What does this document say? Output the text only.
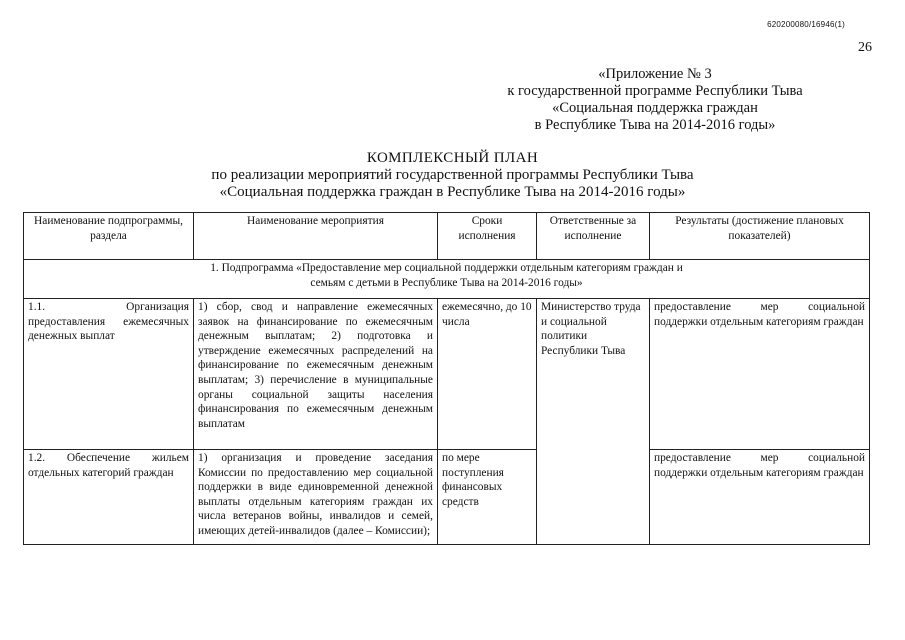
620200080/16946(1)
26
«Приложение № 3
к государственной программе Республики Тыва
«Социальная поддержка граждан
в Республике Тыва на 2014-2016 годы»
КОМПЛЕКСНЫЙ ПЛАН
по реализации мероприятий государственной программы Республики Тыва
«Социальная поддержка граждан в Республике Тыва на 2014-2016 годы»
Наименование подпрограммы, раздела	Наименование мероприятия	Сроки исполнения	Ответственные за исполнение	Результаты (достижение плановых показателей)
1. Подпрограмма «Предоставление мер социальной поддержки отдельным категориям граждан и семьям с детьми в Республике Тыва на 2014-2016 годы»				
1.1. Организация предоставления ежемесячных денежных выплат	1) сбор, свод и направление ежемесячных заявок на финансирование по ежемесячным денежным выплатам; 2) подготовка и утверждение ежемесячных распределений на финансирование по ежемесячным денежным выплатам; 3) перечисление в муниципальные органы социальной защиты населения финансирования по ежемесячным денежным выплатам	ежемесячно, до 10 числа	Министерство труда и социальной политики Республики Тыва	предоставление мер социальной поддержки отдельным категориям граждан
1.2. Обеспечение жильем отдельных категорий граждан	1) организация и проведение заседания Комиссии по предоставлению мер социальной поддержки в виде единовременной денежной выплаты отдельным категориям граждан их числа ветеранов войны, инвалидов и семей, имеющих детей-инвалидов (далее – Комиссии);	по мере поступления финансовых средств		предоставление мер социальной поддержки отдельным категориям граждан
